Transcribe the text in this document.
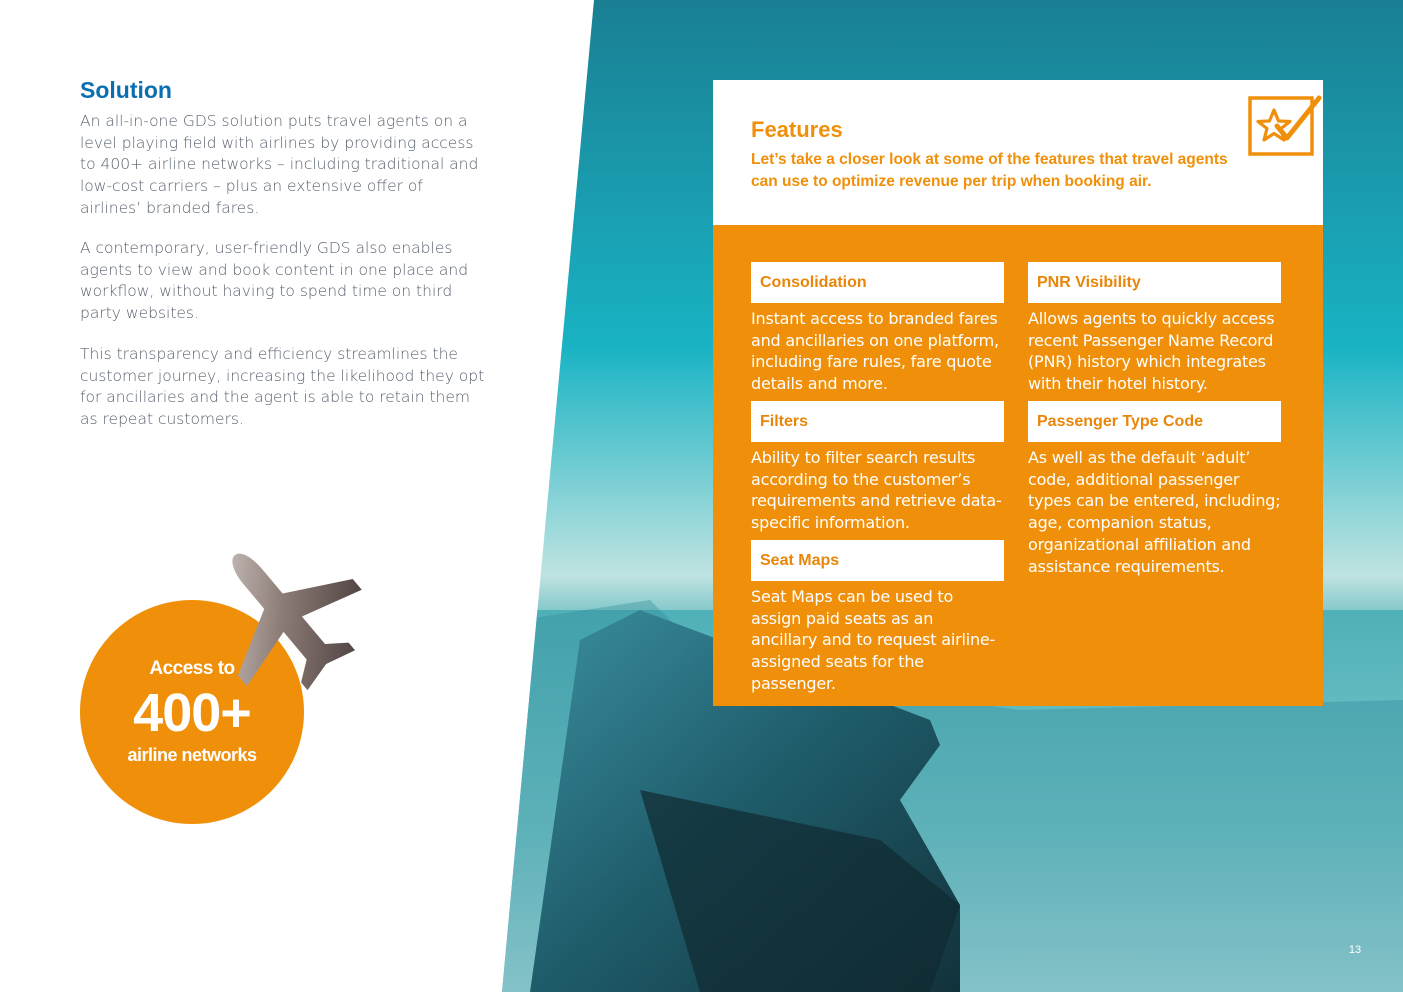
Solution

An all-in-one GDS solution puts travel agents on a level playing field with airlines by providing access to 400+ airline networks – including traditional and low-cost carriers – plus an extensive offer of airlines’ branded fares.

A contemporary, user-friendly GDS also enables agents to view and book content in one place and workflow, without having to spend time on third party websites.

This transparency and efficiency streamlines the customer journey, increasing the likelihood they opt for ancillaries and the agent is able to retain them as repeat customers.

Access to
400+
airline networks
Features

Let’s take a closer look at some of the features that travel agents can use to optimize revenue per trip when booking air.

Consolidation

Instant access to branded fares and ancillaries on one platform, including fare rules, fare quote details and more.

PNR Visibility

Allows agents to quickly access recent Passenger Name Record (PNR) history which integrates with their hotel history.

Filters

Ability to filter search results according to the customer’s requirements and retrieve data-specific information.

Passenger Type Code

As well as the default ‘adult’ code, additional passenger types can be entered, including; age, companion status, organizational affiliation and assistance requirements.

Seat Maps

Seat Maps can be used to assign paid seats as an ancillary and to request airline-assigned seats for the passenger.

13
